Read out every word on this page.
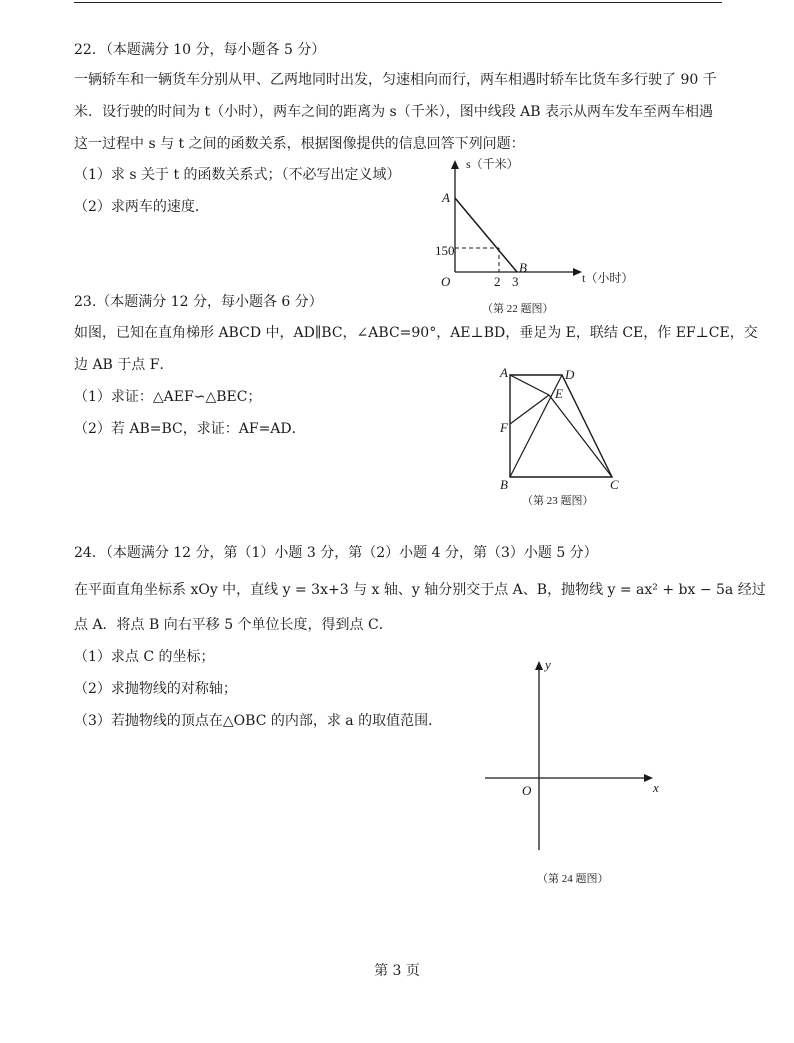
22．（本题满分 10 分，每小题各 5 分）
一辆轿车和一辆货车分别从甲、乙两地同时出发，匀速相向而行，两车相遇时轿车比货车多行驶了 90 千
米．设行驶的时间为 t（小时），两车之间的距离为 s（千米），图中线段 AB 表示从两车发车至两车相遇
这一过程中 s 与 t 之间的函数关系，根据图像提供的信息回答下列问题：
（1）求 s 关于 t 的函数关系式；（不必写出定义域）
（2）求两车的速度．
s（千米）
t（小时）
A
B
O
150
2 3
（第 22 题图）
23.（本题满分 12 分，每小题各 6 分）
如图，已知在直角梯形 ABCD 中，AD∥BC，∠ABC=90°，AE⊥BD，垂足为 E，联结 CE，作 EF⊥CE，交
边 AB 于点 F．
（1）求证：△AEF∽△BEC；
（2）若 AB=BC，求证：AF=AD．
A	D
E
F
B	C
（第 23 题图）
24．（本题满分 12 分，第（1）小题 3 分，第（2）小题 4 分，第（3）小题 5 分）
在平面直角坐标系 xOy 中，直线 y = 3x+3 与 x 轴、y 轴分别交于点 A、B，抛物线 y = ax² + bx − 5a 经过
点 A．将点 B 向右平移 5 个单位长度，得到点 C．
（1）求点 C 的坐标；
（2）求抛物线的对称轴；
（3）若抛物线的顶点在△OBC 的内部，求 a 的取值范围．
y
x
O
（第 24 题图）
第 3 页
